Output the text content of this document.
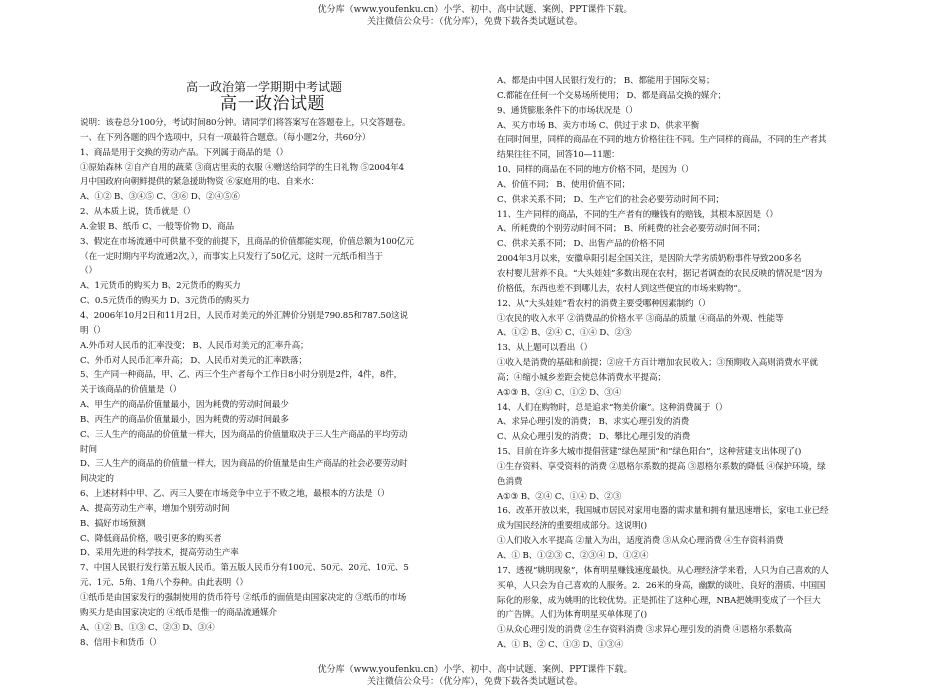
优分库（www.youfenku.cn）小学、初中、高中试题、案例、PPT课件下载。
关注微信公众号：（优分库），免费下载各类试题试卷。
高一政治第一学期期中考试题
高一政治试题
说明：该卷总分100分，考试时间80分钟。请同学们将答案写在答题卷上，只交答题卷。
一、在下列各题的四个选项中，只有一项最符合题意。（每小题2分，共60分）
1、商品是用于交换的劳动产品。下列属于商品的是（）
①原始森林 ②自产自用的蔬菜 ③商店里卖的衣服 ④赠送给同学的生日礼物 ⑤2004年4
月中国政府向朝鲜提供的紧急援助物资 ⑥家庭用的电、自来水：
A、①② B、③④⑤ C、③⑥ D、②④⑤⑥
2、从本质上说，货币就是（）
A.金银 B、纸币 C、一般等价物 D、商品
3、假定在市场流通中可供量不变的前提下，且商品的价值都能实现，价值总额为100亿元
（在一定时期内平均流通2次，），而事实上只发行了50亿元，这时一元纸币相当于
（）
A、1元货币的购买力 B、2元货币的购买力
C、0.5元货币的购买力 D、3元货币的购买力
4、2006年10月2日和11月2日，人民币对美元的外汇牌价分别是790.85和787.50这说
明（）
A.外币对人民币的汇率没变； B、人民币对美元的汇率升高；
C、外币对人民币汇率升高； D、人民币对美元的汇率跌落；
5、生产同一种商品，甲、乙、丙三个生产者每个工作日8小时分别是2件，4件，8件，
关于该商品的价值量是（）
A、甲生产的商品价值量最小，因为耗费的劳动时间最少
B、丙生产的商品价值量最小，因为耗费的劳动时间最多
C、三人生产的商品的价值量一样大，因为商品的价值量取决于三人生产商品的平均劳动
时间
D、三人生产的商品的价值量一样大，因为商品的价值量是由生产商品的社会必要劳动时
间决定的
6、上述材料中甲、乙、丙三人要在市场竞争中立于不败之地，最根本的方法是（）
A、提高劳动生产率，增加个别劳动时间
B、搞好市场预测
C、降低商品价格，吸引更多的购买者
D、采用先进的科学技术，提高劳动生产率
7、中国人民银行发行第五版人民币。第五版人民币分有100元、50元、20元、10元、5
元、1元、5角、1角八个券种。由此表明（）
①纸币是由国家发行的强制使用的货币符号 ②纸币的面值是由国家决定的 ③纸币的市场
购买力是由国家决定的 ④纸币是惟一的商品流通媒介
A、①② B、①③ C、②③ D、③④
8、信用卡和货币（）
A、都是由中国人民银行发行的； B、都能用于国际交易；
C.都能在任何一个交易场所使用； D、都是商品交换的媒介；
9、通货膨胀条件下的市场状况是（）
A、买方市场 B、卖方市场 C、供过于求 D、供求平衡
在同时间里，同样的商品在不同的地方价格往往不同。生产同样的商品，不同的生产者其
结果往往不同，回答10—11题：
10、同样的商品在不同的地方价格不同，是因为（）
A、价值不同； B、使用价值不同；
C、供求关系不同； D、生产它们的社会必要劳动时间不同；
11、生产同样的商品，不同的生产者有的赚钱有的赔钱，其根本原因是（）
A、所耗费的个别劳动时间不同； B、所耗费的社会必要劳动时间不同；
C、供求关系不同； D、出售产品的价格不同
2004年3月以来，安徽阜阳引起全国关注，是因阶大学劣质奶粉事件导致200多名
农村婴儿营养不良。“大头娃娃”多数出现在农村，据记者调查的农民反映的情况是“因为
价格低，东西也差不到哪儿去，农村人到这些便宜的市场来购物”。
12、从“大头娃娃”看农村的消费主要受哪种因素制约（）
①农民的收入水平 ②消费品的价格水平 ③商品的质量 ④商品的外观、性能等
A、①② B、②④ C、①④ D、②③
13、从上题可以看出（）
①收入是消费的基础和前提；②应千方百计增加农民收入；③预期收入高则消费水平就
高；④缩小城乡差距会使总体消费水平提高；
A①③ B、②④ C、①② D、③④
14、人们在购物时，总是追求“物美价廉”。这种消费属于（）
A、求异心理引发的消费； B、求实心理引发的消费
C、从众心理引发的消费； D、攀比心理引发的消费
15、目前在许多大城市提倡营建“绿色屋顶”和“绿色阳台”，这种营建支出体现了()
①生存资料、享受资料的消费 ②恩格尔系数的提高 ③恩格尔系数的降低 ④保护环境，绿
色消费
A①③ B、②④ C、①④ D、②③
16、改革开放以来，我国城市居民对家用电器的需求量和拥有量迅速增长，家电工业已经
成为国民经济的重要组成部分。这说明()
①人们收入水平提高 ②量入为出，适度消费 ③从众心理消费 ④生存资料消费
A、① B、①②③ C、②③④ D、①②④
17、透视“姚明现象”，体育明星赚钱速度最快。从心理经济学来看，人只为自己喜欢的人
买单，人只会为自己喜欢的人服务。2．26米的身高，幽默的谈吐、良好的潜质、中国国
际化的形象，成为姚明的比较优势。正是抓住了这种心理，NBA把姚明变成了一个巨大
的广告牌。人们为体育明星买单体现了()
①从众心理引发的消费 ②生存资料消费 ③求异心理引发的消费 ④恩格尔系数高
A、① B、② C、①③ D、①③④
优分库（www.youfenku.cn）小学、初中、高中试题、案例、PPT课件下载。
关注微信公众号：（优分库），免费下载各类试题试卷。
